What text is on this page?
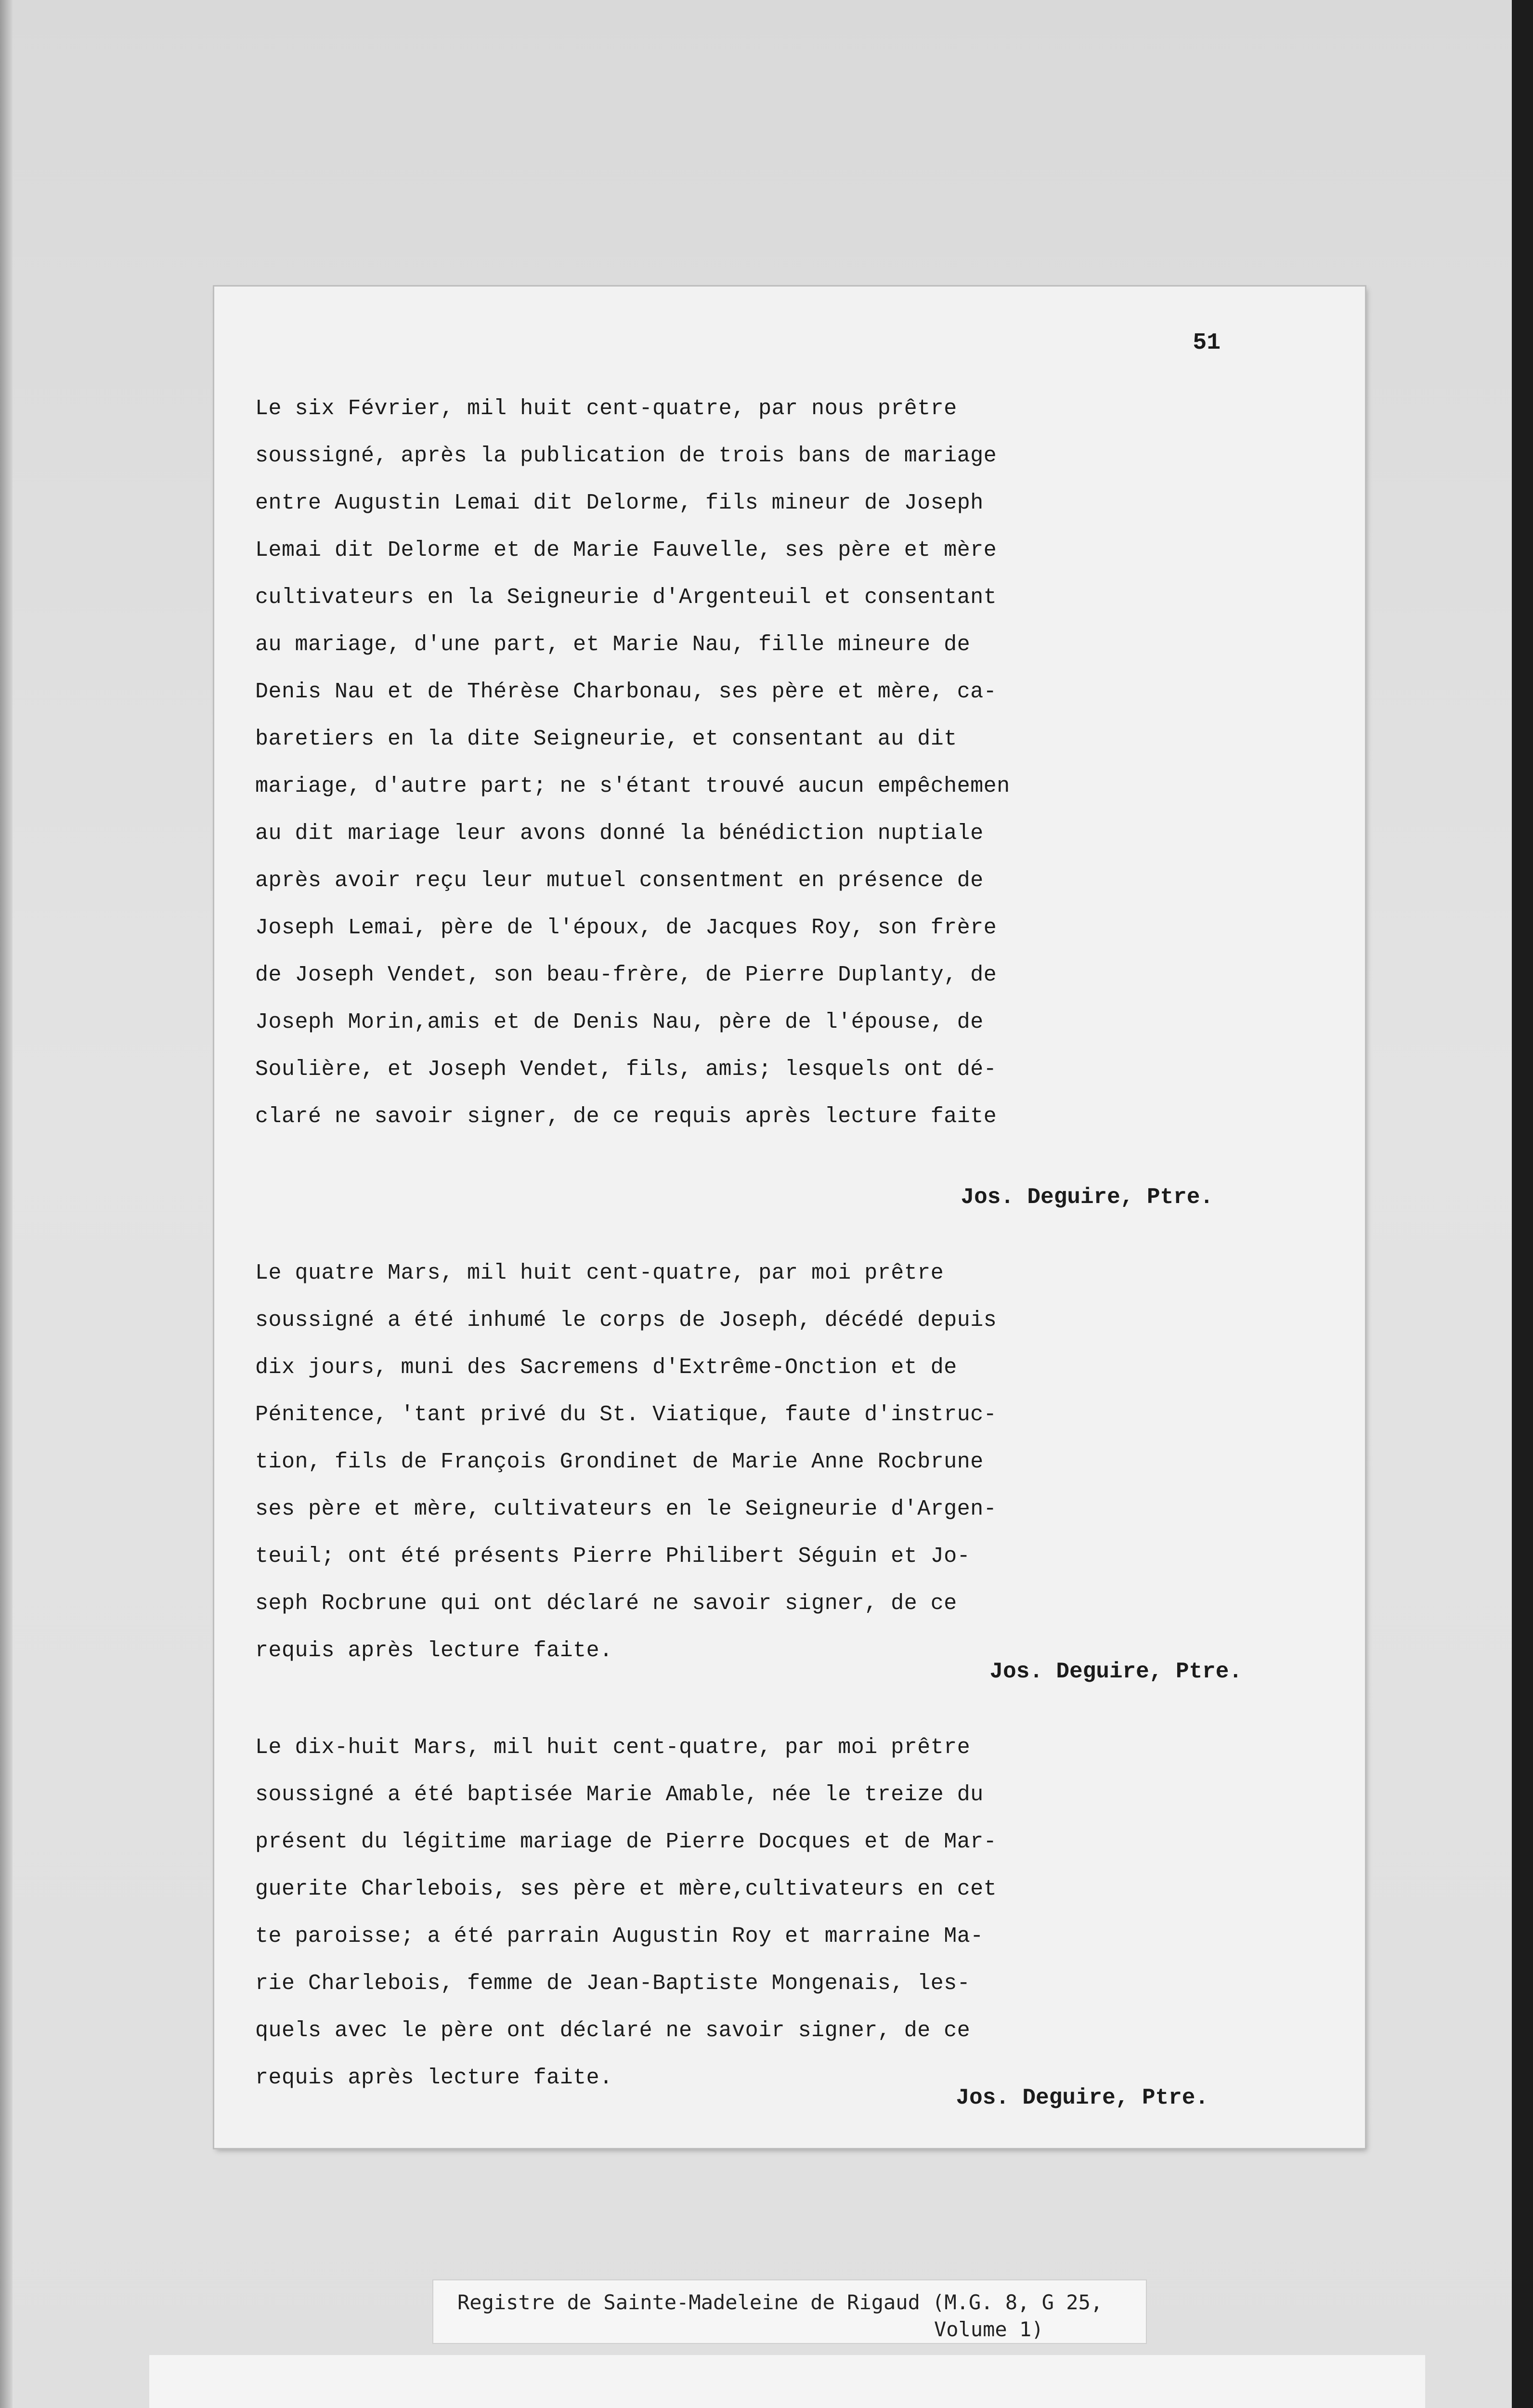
51
Le six Février, mil huit cent-quatre, par nous prêtre
soussigné, après la publication de trois bans de mariage
entre Augustin Lemai dit Delorme, fils mineur de Joseph
Lemai dit Delorme et de Marie Fauvelle, ses père et mère
cultivateurs en la Seigneurie d'Argenteuil et consentant
au mariage, d'une part, et Marie Nau, fille mineure de
Denis Nau et de Thérèse Charbonau, ses père et mère, ca-
baretiers en la dite Seigneurie, et consentant au dit
mariage, d'autre part; ne s'étant trouvé aucun empêchemen
au dit mariage leur avons donné la bénédiction nuptiale
après avoir reçu leur mutuel consentment en présence de
Joseph Lemai, père de l'époux, de Jacques Roy, son frère
de Joseph Vendet, son beau-frère, de Pierre Duplanty, de
Joseph Morin,amis et de Denis Nau, père de l'épouse, de
Soulière, et Joseph Vendet, fils, amis; lesquels ont dé-
claré ne savoir signer, de ce requis après lecture faite
Jos. Deguire, Ptre.
Le quatre Mars, mil huit cent-quatre, par moi prêtre
soussigné a été inhumé le corps de Joseph, décédé depuis
dix jours, muni des Sacremens d'Extrême-Onction et de
Pénitence, 'tant privé du St. Viatique, faute d'instruc-
tion, fils de François Grondinet de Marie Anne Rocbrune
ses père et mère, cultivateurs en le Seigneurie d'Argen-
teuil; ont été présents Pierre Philibert Séguin et Jo-
seph Rocbrune qui ont déclaré ne savoir signer, de ce
requis après lecture faite.
Jos. Deguire, Ptre.
Le dix-huit Mars, mil huit cent-quatre, par moi prêtre
soussigné a été baptisée Marie Amable, née le treize du
présent du légitime mariage de Pierre Docques et de Mar-
guerite Charlebois, ses père et mère,cultivateurs en cet
te paroisse; a été parrain Augustin Roy et marraine Ma-
rie Charlebois, femme de Jean-Baptiste Mongenais, les-
quels avec le père ont déclaré ne savoir signer, de ce
requis après lecture faite.
Jos. Deguire, Ptre.
Registre de Sainte-Madeleine de Rigaud (M.G. 8, G 25,
Volume 1)
